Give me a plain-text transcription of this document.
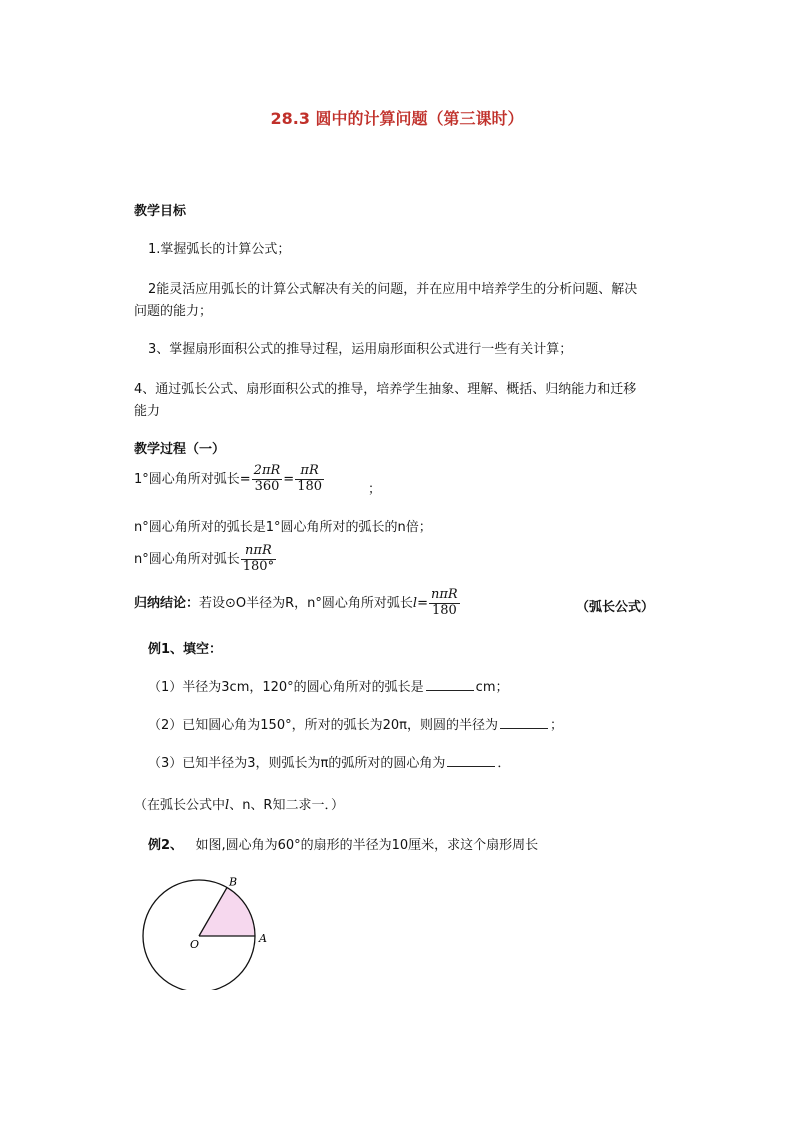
28.3 圆中的计算问题（第三课时）
教学目标
1.掌握弧长的计算公式；
2能灵活应用弧长的计算公式解决有关的问题，并在应用中培养学生的分析问题、解决
问题的能力；
3、掌握扇形面积公式的推导过程，运用扇形面积公式进行一些有关计算；
4、通过弧长公式、扇形面积公式的推导，培养学生抽象、理解、概括、归纳能力和迁移
能力
教学过程（一）
1°圆心角所对弧长= $\frac{2\pi R}{360} = \frac{\pi R}{180}$	；
n°圆心角所对的弧长是1°圆心角所对的弧长的n倍；
n°圆心角所对弧长 $\frac{\text{nπR}}{180^\circ}$
归纳结论：若设⊙O半径为R，n°圆心角所对弧长$l= \frac{\text{nπR}}{180}$	（弧长公式）
例1、填空：
（1）半径为3cm，120°的圆心角所对的弧长是	cm；
（2）已知圆心角为150°，所对的弧长为20π，则圆的半径为	；
（3）已知半径为3，则弧长为π的弧所对的圆心角为	．
（在弧长公式中l、n、R知二求一．）
例2、 如图,圆心角为60°的扇形的半径为10厘米，求这个扇形周长
O	A
B
